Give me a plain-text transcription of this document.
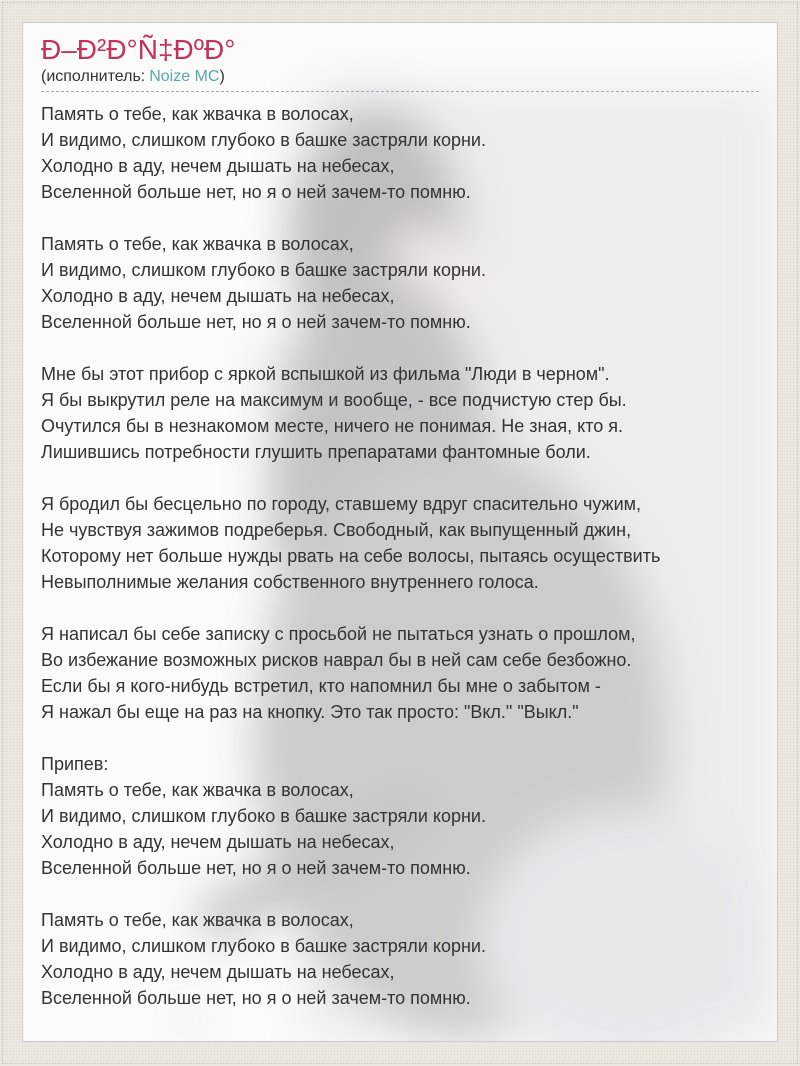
Ð–Ð²Ð°Ñ‡ÐºÐ°
(исполнитель: Noize MC)
Память о тебе, как жвачка в волосах,
И видимо, слишком глубоко в башке застряли корни.
Холодно в аду, нечем дышать на небесах,
Вселенной больше нет, но я о ней зачем-то помню.
Память о тебе, как жвачка в волосах,
И видимо, слишком глубоко в башке застряли корни.
Холодно в аду, нечем дышать на небесах,
Вселенной больше нет, но я о ней зачем-то помню.
Мне бы этот прибор с яркой вспышкой из фильма "Люди в черном".
Я бы выкрутил реле на максимум и вообще, - все подчистую стер бы.
Очутился бы в незнакомом месте, ничего не понимая. Не зная, кто я.
Лишившись потребности глушить препаратами фантомные боли.
Я бродил бы бесцельно по городу, ставшему вдруг спасительно чужим,
Не чувствуя зажимов подреберья. Свободный, как выпущенный джин,
Которому нет больше нужды рвать на себе волосы, пытаясь осуществить
Невыполнимые желания собственного внутреннего голоса.
Я написал бы себе записку с просьбой не пытаться узнать о прошлом,
Во избежание возможных рисков наврал бы в ней сам себе безбожно.
Если бы я кого-нибудь встретил, кто напомнил бы мне о забытом -
Я нажал бы еще на раз на кнопку. Это так просто: "Вкл." "Выкл."
Припев:
Память о тебе, как жвачка в волосах,
И видимо, слишком глубоко в башке застряли корни.
Холодно в аду, нечем дышать на небесах,
Вселенной больше нет, но я о ней зачем-то помню.
Память о тебе, как жвачка в волосах,
И видимо, слишком глубоко в башке застряли корни.
Холодно в аду, нечем дышать на небесах,
Вселенной больше нет, но я о ней зачем-то помню.
